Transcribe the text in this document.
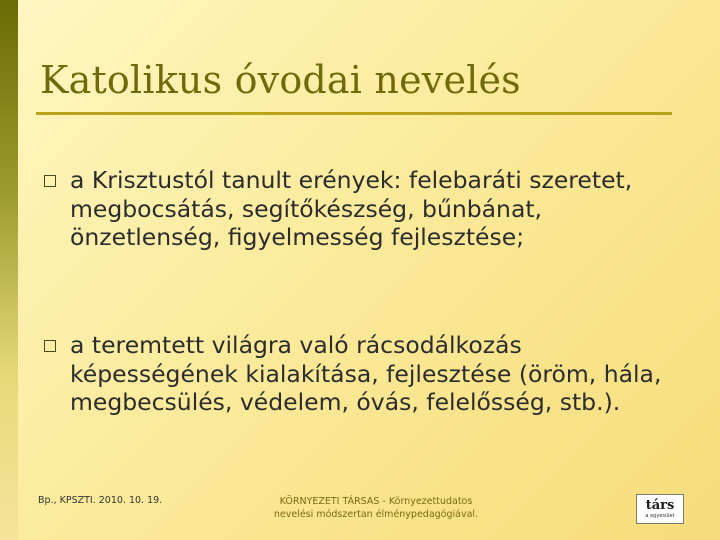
Katolikus óvodai nevelés
a Krisztustól tanult erények: felebaráti szeretet, megbocsátás, segítőkészség, bűnbánat, önzetlenség, figyelmesség fejlesztése;
a teremtett világra való rácsodálkozás képességének kialakítása, fejlesztése (öröm, hála, megbecsülés, védelem, óvás, felelősség, stb.).
Bp., KPSZTI. 2010. 10. 19.	KÖRNYEZETI TÁRSAS - Környezettudatos
nevelési módszertan élménypedagógiával.
társ
a egyesület
